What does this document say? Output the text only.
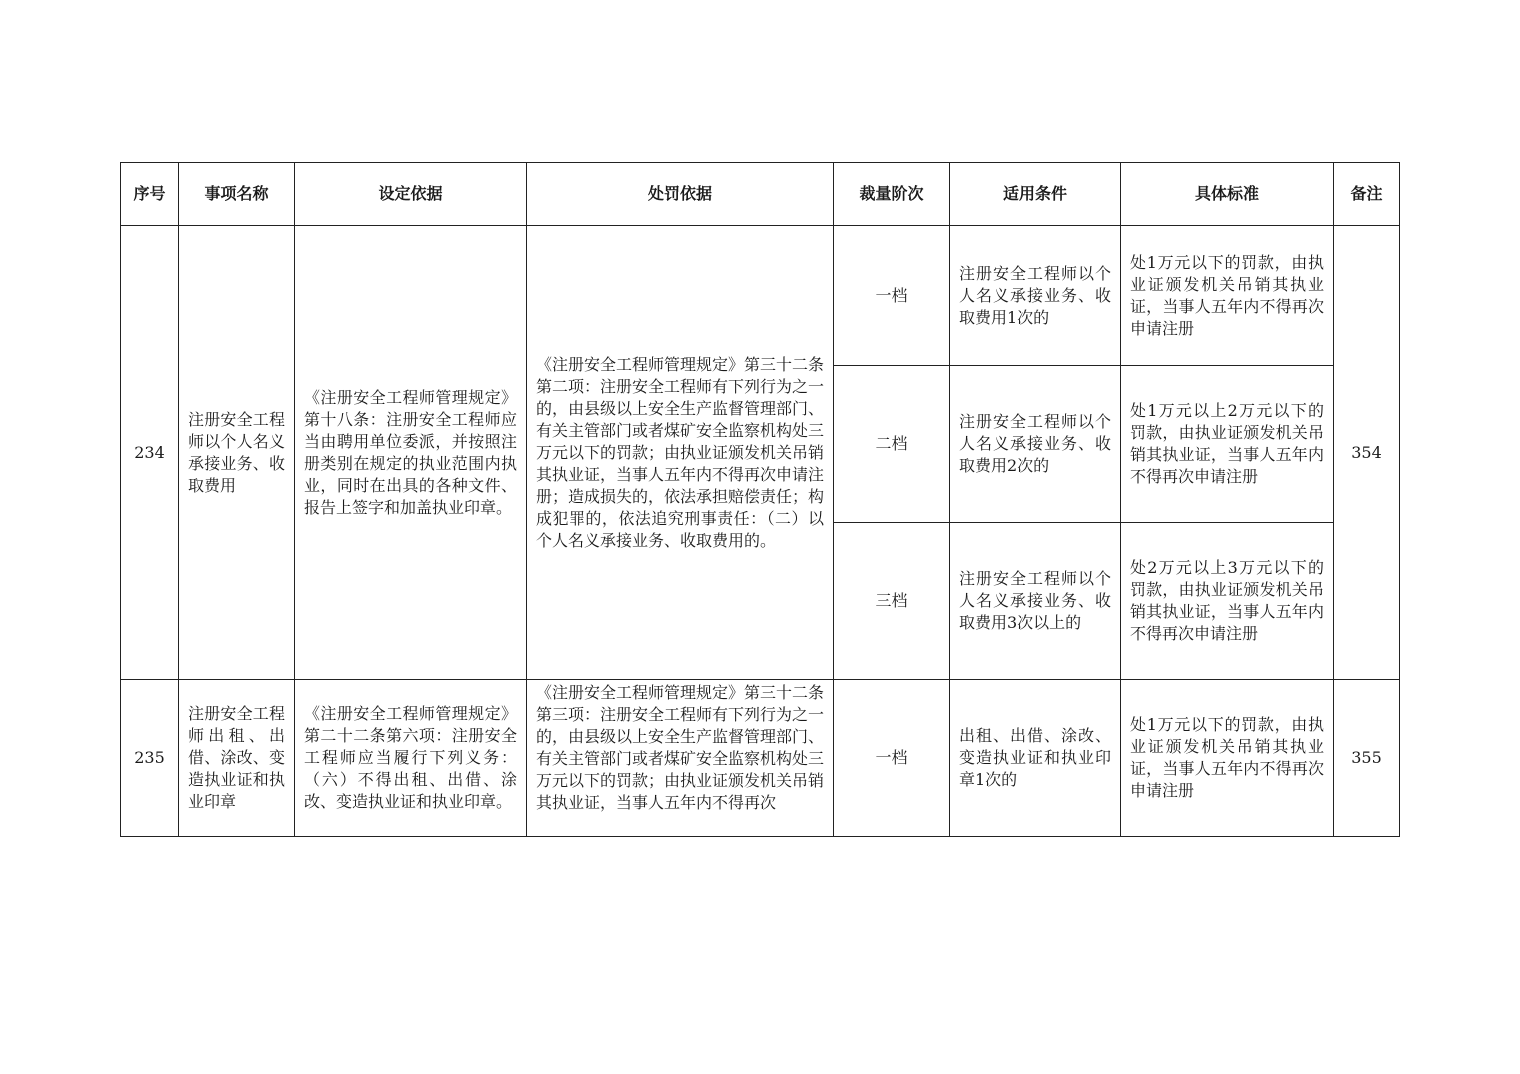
序号	事项名称	设定依据	处罚依据	裁量阶次	适用条件	具体标准	备注
234	注册安全工程师以个人名义承接业务、收取费用	《注册安全工程师管理规定》第十八条：注册安全工程师应当由聘用单位委派，并按照注册类别在规定的执业范围内执业，同时在出具的各种文件、报告上签字和加盖执业印章。	《注册安全工程师管理规定》第三十二条第二项：注册安全工程师有下列行为之一的，由县级以上安全生产监督管理部门、有关主管部门或者煤矿安全监察机构处三万元以下的罚款；由执业证颁发机关吊销其执业证，当事人五年内不得再次申请注册；造成损失的，依法承担赔偿责任；构成犯罪的，依法追究刑事责任：（二）以个人名义承接业务、收取费用的。	一档	注册安全工程师以个人名义承接业务、收取费用1次的	处1万元以下的罚款，由执业证颁发机关吊销其执业证，当事人五年内不得再次申请注册	354
				二档	注册安全工程师以个人名义承接业务、收取费用2次的	处1万元以上2万元以下的罚款，由执业证颁发机关吊销其执业证，当事人五年内不得再次申请注册	
				三档	注册安全工程师以个人名义承接业务、收取费用3次以上的	处2万元以上3万元以下的罚款，由执业证颁发机关吊销其执业证，当事人五年内不得再次申请注册	
235	注册安全工程师出租、出借、涂改、变造执业证和执业印章	《注册安全工程师管理规定》第二十二条第六项：注册安全工程师应当履行下列义务：（六）不得出租、出借、涂改、变造执业证和执业印章。	《注册安全工程师管理规定》第三十二条第三项：注册安全工程师有下列行为之一的，由县级以上安全生产监督管理部门、有关主管部门或者煤矿安全监察机构处三万元以下的罚款；由执业证颁发机关吊销其执业证，当事人五年内不得再次	一档	出租、出借、涂改、变造执业证和执业印章1次的	处1万元以下的罚款，由执业证颁发机关吊销其执业证，当事人五年内不得再次申请注册	355
